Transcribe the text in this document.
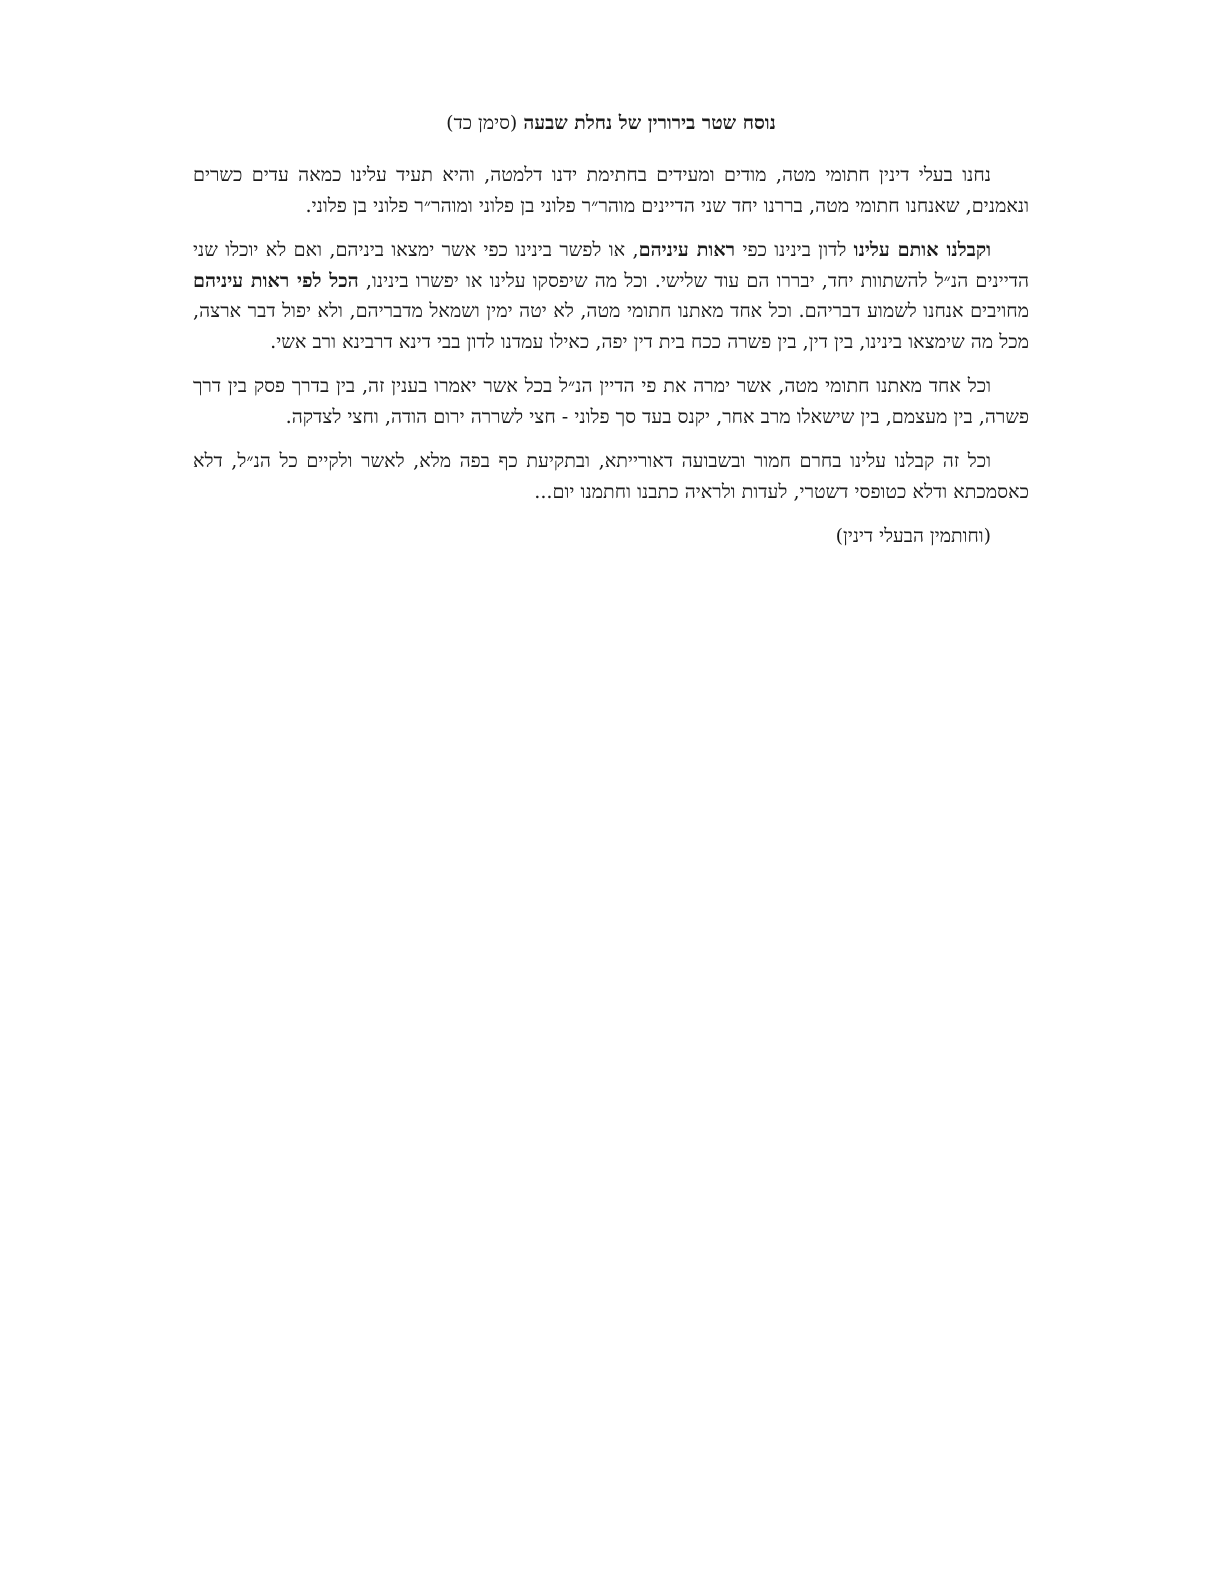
נוסח שטר בירורין של נחלת שבעה (סימן כד)

נחנו בעלי דינין חתומי מטה, מודים ומעידים בחתימת ידנו דלמטה, והיא תעיד עלינו כמאה עדים כשרים ונאמנים, שאנחנו חתומי מטה, בררנו יחד שני הדיינים מוהר״ר פלוני בן פלוני ומוהר״ר פלוני בן פלוני.

וקבלנו אותם עלינו לדון בינינו כפי ראות עיניהם, או לפשר בינינו כפי אשר ימצאו ביניהם, ואם לא יוכלו שני הדיינים הנ״ל להשתוות יחד, יבררו הם עוד שלישי. וכל מה שיפסקו עלינו או יפשרו בינינו, הכל לפי ראות עיניהם מחויבים אנחנו לשמוע דבריהם. וכל אחד מאתנו חתומי מטה, לא יטה ימין ושמאל מדבריהם, ולא יפול דבר ארצה, מכל מה שימצאו בינינו, בין דין, בין פשרה ככח בית דין יפה, כאילו עמדנו לדון בבי דינא דרבינא ורב אשי.

וכל אחד מאתנו חתומי מטה, אשר ימרה את פי הדיין הנ״ל בכל אשר יאמרו בענין זה, בין בדרך פסק בין דרך פשרה, בין מעצמם, בין שישאלו מרב אחר, יקנס בעד סך פלוני - חצי לשררה ירום הודה, וחצי לצדקה.

וכל זה קבלנו עלינו בחרם חמור ובשבועה דאורייתא, ובתקיעת כף בפה מלא, לאשר ולקיים כל הנ״ל, דלא כאסמכתא ודלא כטופסי דשטרי, לעדות ולראיה כתבנו וחתמנו יום...

(וחותמין הבעלי דינין)
